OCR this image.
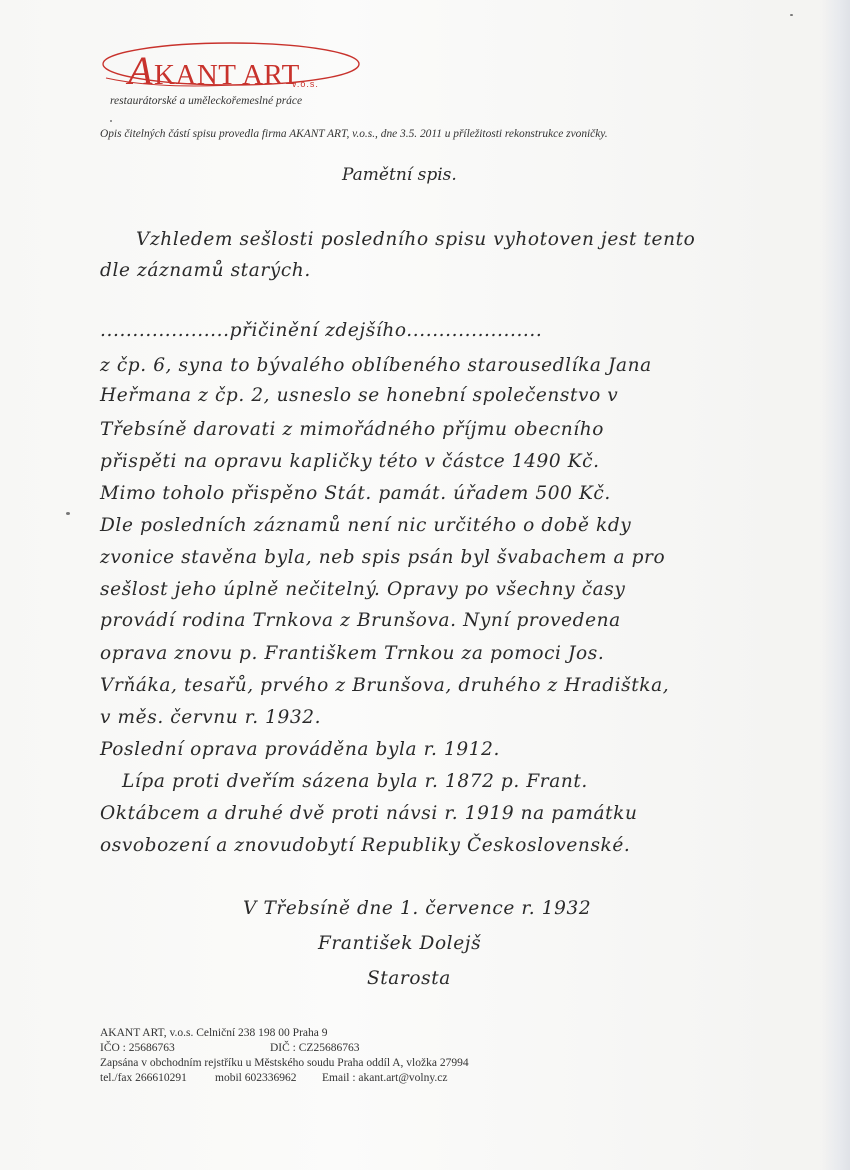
AKANT ART
v.o.s.
restaurátorské a uměleckořemeslné práce
Opis čitelných částí spisu provedla firma AKANT ART, v.o.s., dne 3.5. 2011 u příležitosti rekonstrukce zvoničky.
Pamětní spis.
Vzhledem sešlosti posledního spisu vyhotoven jest tento
dle záznamů starých.
....................přičinění zdejšího.....................
z čp. 6, syna to bývalého oblíbeného starousedlíka Jana
Heřmana z čp. 2, usneslo se honební společenstvo v
Třebsíně darovati z mimořádného příjmu obecního
přispěti na opravu kapličky této v částce 1490 Kč.
Mimo toholo přispěno Stát. památ. úřadem 500 Kč.
Dle posledních záznamů není nic určitého o době kdy
zvonice stavěna byla, neb spis psán byl švabachem a pro
sešlost jeho úplně nečitelný. Opravy po všechny časy
provádí rodina Trnkova z Brunšova. Nyní provedena
oprava znovu p. Františkem Trnkou za pomoci Jos.
Vrňáka, tesařů, prvého z Brunšova, druhého z Hradištka,
v měs. červnu r. 1932.
Poslední oprava prováděna byla r. 1912.
Lípa proti dveřím sázena byla r. 1872 p. Frant.
Oktábcem a druhé dvě proti návsi r. 1919 na památku
osvobození a znovudobytí Republiky Československé.
V Třebsíně dne 1. července r. 1932
František Dolejš
Starosta
AKANT ART, v.o.s. Celniční 238 198 00 Praha 9
IČO : 25686763	DIČ : CZ25686763
Zapsána v obchodním rejstříku u Městského soudu Praha oddíl A, vložka 27994
tel./fax 266610291 mobil 602336962 Email : akant.art@volny.cz
